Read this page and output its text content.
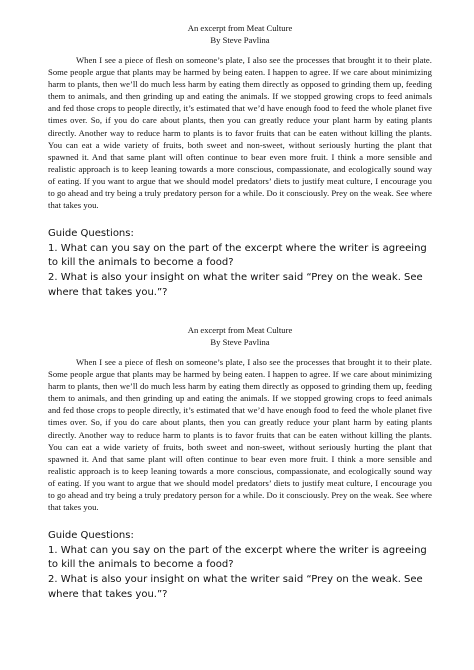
An excerpt from Meat Culture

By Steve Pavlina

When I see a piece of flesh on someone’s plate, I also see the processes that brought it to their plate. Some people argue that plants may be harmed by being eaten. I happen to agree. If we care about minimizing harm to plants, then we’ll do much less harm by eating them directly as opposed to grinding them up, feeding them to animals, and then grinding up and eating the animals. If we stopped growing crops to feed animals and fed those crops to people directly, it’s estimated that we’d have enough food to feed the whole planet five times over. So, if you do care about plants, then you can greatly reduce your plant harm by eating plants directly. Another way to reduce harm to plants is to favor fruits that can be eaten without killing the plants. You can eat a wide variety of fruits, both sweet and non-sweet, without seriously hurting the plant that spawned it. And that same plant will often continue to bear even more fruit. I think a more sensible and realistic approach is to keep leaning towards a more conscious, compassionate, and ecologically sound way of eating. If you want to argue that we should model predators’ diets to justify meat culture, I encourage you to go ahead and try being a truly predatory person for a while. Do it consciously. Prey on the weak. See where that takes you.

Guide Questions:

1. What can you say on the part of the excerpt where the writer is agreeing to kill the animals to become a food?

2. What is also your insight on what the writer said “Prey on the weak. See where that takes you.”?

An excerpt from Meat Culture

By Steve Pavlina

When I see a piece of flesh on someone’s plate, I also see the processes that brought it to their plate. Some people argue that plants may be harmed by being eaten. I happen to agree. If we care about minimizing harm to plants, then we’ll do much less harm by eating them directly as opposed to grinding them up, feeding them to animals, and then grinding up and eating the animals. If we stopped growing crops to feed animals and fed those crops to people directly, it’s estimated that we’d have enough food to feed the whole planet five times over. So, if you do care about plants, then you can greatly reduce your plant harm by eating plants directly. Another way to reduce harm to plants is to favor fruits that can be eaten without killing the plants. You can eat a wide variety of fruits, both sweet and non-sweet, without seriously hurting the plant that spawned it. And that same plant will often continue to bear even more fruit. I think a more sensible and realistic approach is to keep leaning towards a more conscious, compassionate, and ecologically sound way of eating. If you want to argue that we should model predators’ diets to justify meat culture, I encourage you to go ahead and try being a truly predatory person for a while. Do it consciously. Prey on the weak. See where that takes you.

Guide Questions:

1. What can you say on the part of the excerpt where the writer is agreeing to kill the animals to become a food?

2. What is also your insight on what the writer said “Prey on the weak. See where that takes you.”?
